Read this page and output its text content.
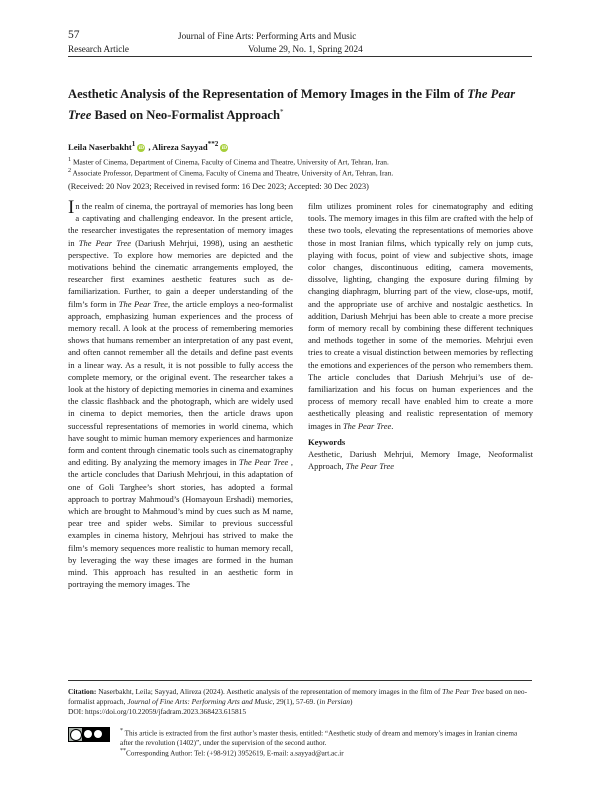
57	Journal of Fine Arts: Performing Arts and Music
Research Article	Volume 29, No. 1, Spring 2024
Aesthetic Analysis of the Representation of Memory Images in the Film of The Pear Tree Based on Neo-Formalist Approach*
Leila Naserbakht$^1$ iD , Alireza Sayyad$^{**2}$ iD
$^1$ Master of Cinema, Department of Cinema, Faculty of Cinema and Theatre, University of Art, Tehran, Iran.
$^2$ Associate Professor, Department of Cinema, Faculty of Cinema and Theatre, University of Art, Tehran, Iran.
(Received: 20 Nov 2023; Received in revised form: 16 Dec 2023; Accepted: 30 Dec 2023)

In the realm of cinema, the portrayal of memories has long been a captivating and challenging endeavor. In the present article, the researcher investigates the representation of memory images in The Pear Tree (Dariush Mehrjui, 1998), using an aesthetic perspective. To explore how memories are depicted and the motivations behind the cinematic arrangements employed, the researcher first examines aesthetic features such as de-familiarization. Further, to gain a deeper understanding of the film’s form in The Pear Tree, the article employs a neo-formalist approach, emphasizing human experiences and the process of memory recall. A look at the process of remembering memories shows that humans remember an interpretation of any past event, and often cannot remember all the details and define past events in a linear way. As a result, it is not possible to fully access the complete memory, or the original event. The researcher takes a look at the history of depicting memories in cinema and examines the classic flashback and the photograph, which are widely used in cinema to depict memories, then the article draws upon successful representations of memories in world cinema, which have sought to mimic human memory experiences and harmonize form and content through cinematic tools such as cinematography and editing. By analyzing the memory images in The Pear Tree , the article concludes that Dariush Mehrjoui, in this adaptation of one of Goli Targhee’s short stories, has adopted a formal approach to portray Mahmoud’s (Homayoun Ershadi) memories, which are brought to Mahmoud’s mind by cues such as M name, pear tree and spider webs. Similar to previous successful examples in cinema history, Mehrjoui has strived to make the film’s memory sequences more realistic to human memory recall, by leveraging the way these images are formed in the human mind. This approach has resulted in an aesthetic form in portraying the memory images. The

film utilizes prominent roles for cinematography and editing tools. The memory images in this film are crafted with the help of these two tools, elevating the representations of memories above those in most Iranian films, which typically rely on jump cuts, playing with focus, point of view and subjective shots, image color changes, discontinuous editing, camera movements, dissolve, lighting, changing the exposure during filming by changing diaphragm, blurring part of the view, close-ups, motif, and the appropriate use of archive and nostalgic aesthetics. In addition, Dariush Mehrjui has been able to create a more precise form of memory recall by combining these different techniques and methods together in some of the memories. Mehrjui even tries to create a visual distinction between memories by reflecting the emotions and experiences of the person who remembers them. The article concludes that Dariush Mehrjui’s use of de-familiarization and his focus on human experiences and the process of memory recall have enabled him to create a more aesthetically pleasing and realistic representation of memory images in The Pear Tree.

Keywords

Aesthetic, Dariush Mehrjui, Memory Image, Neoformalist Approach, The Pear Tree

Citation: Naserbakht, Leila; Sayyad, Alireza (2024). Aesthetic analysis of the representation of memory images in the film of The Pear Tree based on neo-formalist approach, Journal of Fine Arts: Performing Arts and Music, 29(1), 57-69. (in Persian)
DOI: https://doi.org/10.22059/jfadram.2023.368423.615815
* This article is extracted from the first author’s master thesis, entitled: “Aesthetic study of dream and memory’s images in Iranian cinema after the revolution (1402)”, under the supervision of the second author.
**Corresponding Author: Tel: (+98-912) 3952619, E-mail: a.sayyad@art.ac.ir
